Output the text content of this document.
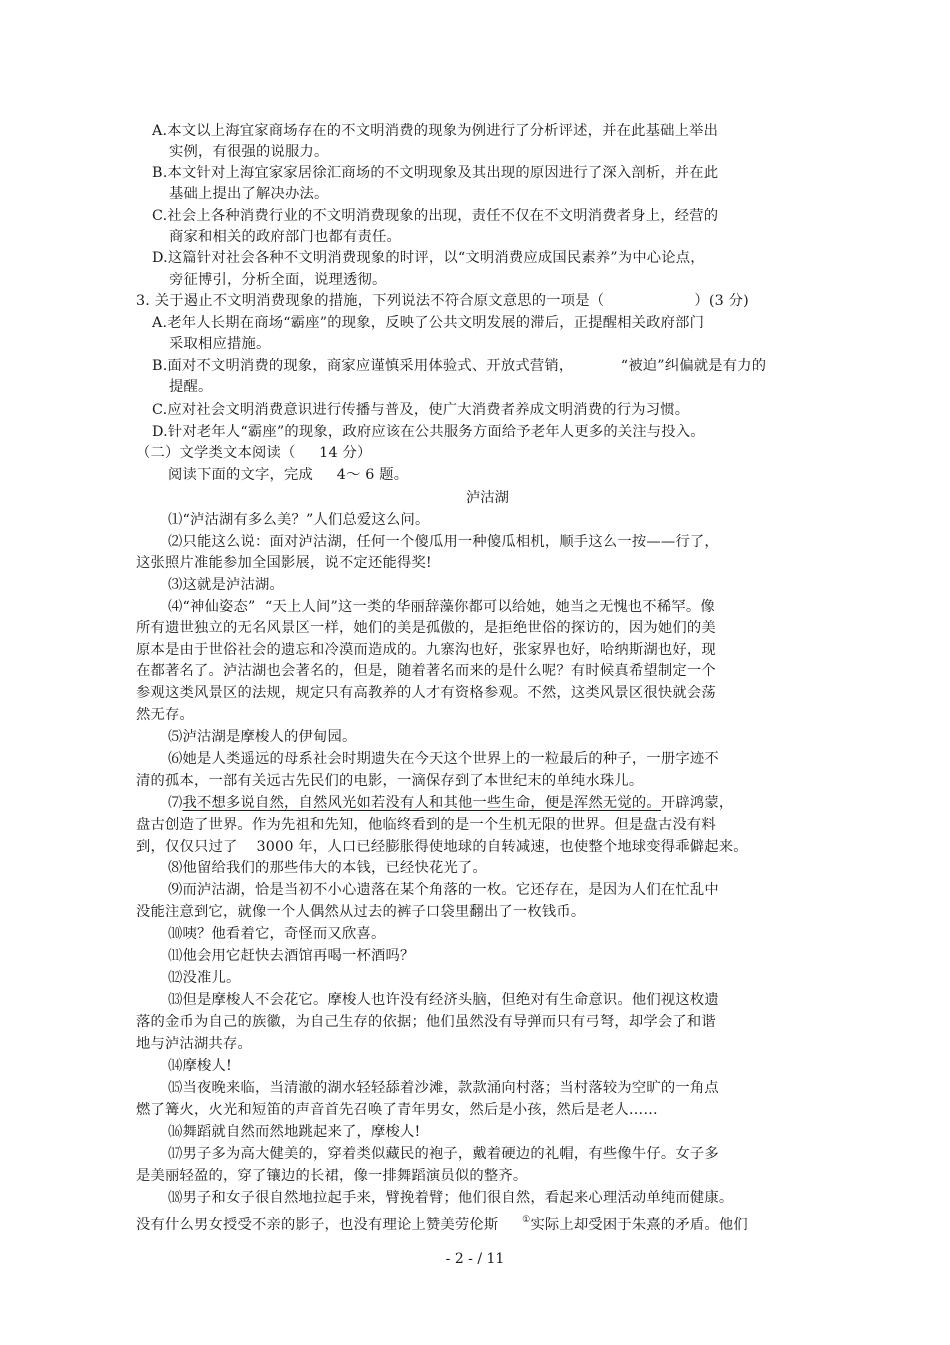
A.本文以上海宜家商场存在的不文明消费的现象为例进行了分析评述，并在此基础上举出
实例，有很强的说服力。
B.本文针对上海宜家家居徐汇商场的不文明现象及其出现的原因进行了深入剖析，并在此
基础上提出了解决办法。
C.社会上各种消费行业的不文明消费现象的出现，责任不仅在不文明消费者身上，经营的
商家和相关的政府部门也都有责任。
D.这篇针对社会各种不文明消费现象的时评，以“文明消费应成国民素养”为中心论点，
旁征博引，分析全面，说理透彻。
3. 关于遏止不文明消费现象的措施，下列说法不符合原文意思的一项是（                   ）(3 分)
A.老年人长期在商场“霸座”的现象，反映了公共文明发展的滞后，正提醒相关政府部门
采取相应措施。
B.面对不文明消费的现象，商家应谨慎采用体验式、开放式营销，          “被迫”纠偏就是有力的
提醒。
C.应对社会文明消费意识进行传播与普及，使广大消费者养成文明消费的行为习惯。
D.针对老年人“霸座”的现象，政府应该在公共服务方面给予老年人更多的关注与投入。
（二）文学类文本阅读（     14 分）
阅读下面的文字，完成     4～ 6 题。
泸沽湖
⑴“泸沽湖有多么美？”人们总爱这么问。
⑵只能这么说：面对泸沽湖，任何一个傻瓜用一种傻瓜相机，顺手这么一按——行了，
这张照片准能参加全国影展，说不定还能得奖!
⑶这就是泸沽湖。
⑷“神仙姿态”  “天上人间”这一类的华丽辞藻你都可以给她，她当之无愧也不稀罕。像
所有遗世独立的无名风景区一样，她们的美是孤傲的，是拒绝世俗的探访的，因为她们的美
原本是由于世俗社会的遗忘和冷漠而造成的。九寨沟也好，张家界也好，哈纳斯湖也好，现
在都著名了。泸沽湖也会著名的，但是，随着著名而来的是什么呢？有时候真希望制定一个
参观这类风景区的法规，规定只有高教养的人才有资格参观。不然，这类风景区很快就会荡
然无存。
⑸泸沽湖是摩梭人的伊甸园。
⑹她是人类遥远的母系社会时期遗失在今天这个世界上的一粒最后的种子，一册字迹不
清的孤本，一部有关远古先民们的电影，一滴保存到了本世纪末的单纯水珠儿。
⑺我不想多说自然，自然风光如若没有人和其他一些生命，便是浑然无觉的。开辟鸿蒙，
盘古创造了世界。作为先祖和先知，他临终看到的是一个生机无限的世界。但是盘古没有料
到，仅仅只过了    3000 年，人口已经膨胀得使地球的自转减速，也使整个地球变得乖僻起来。
⑻他留给我们的那些伟大的本钱，已经快花光了。
⑼而泸沽湖，恰是当初不小心遗落在某个角落的一枚。它还存在，是因为人们在忙乱中
没能注意到它，就像一个人偶然从过去的裤子口袋里翻出了一枚钱币。
⑽咦？他看着它，奇怪而又欣喜。
⑾他会用它赶快去酒馆再喝一杯酒吗？
⑿没准儿。
⒀但是摩梭人不会花它。摩梭人也许没有经济头脑，但绝对有生命意识。他们视这枚遗
落的金币为自己的族徽，为自己生存的依据；他们虽然没有导弹而只有弓弩，却学会了和谐
地与泸沽湖共存。
⒁摩梭人!
⒂当夜晚来临，当清澈的湖水轻轻舔着沙滩，款款涌向村落；当村落较为空旷的一角点
燃了篝火，火光和短笛的声音首先召唤了青年男女，然后是小孩，然后是老人……
⒃舞蹈就自然而然地跳起来了，摩梭人!
⒄男子多为高大健美的，穿着类似藏民的袍子，戴着硬边的礼帽，有些像牛仔。女子多
是美丽轻盈的，穿了镶边的长裙，像一排舞蹈演员似的整齐。
⒅男子和女子很自然地拉起手来，臂挽着臂；他们很自然，看起来心理活动单纯而健康。
没有什么男女授受不亲的影子，也没有理论上赞美劳伦斯     ①实际上却受困于朱熹的矛盾。他们
- 2 - / 11
